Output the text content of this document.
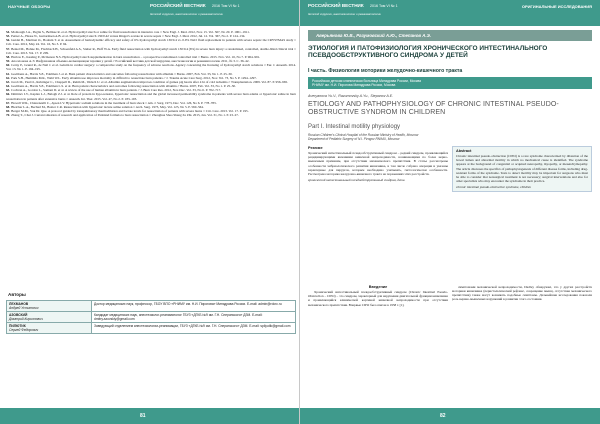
НАУЧНЫЕ ОБЗОРЫ	РОССИЙСКИЙ ВЕСТНИК 2016 Том VI № 1
детской хирургии, анестезиологии и реаниматологии
54.Molnough J.A., Puglia S., Bellisse R. et al. Hydroxyethyl starch or saline for fluid resuscitation in intensive care // New Engl. J. Med. 2012, Nov. 15. Vol. 367, No 20. P. 1901–1911.
55.Perner A., Haase N., Guttormsen A.B. et al. Hydroxyethyl starch 130/0.42 versus Ringer's acetate in severe sepsis // New Engl. J. Med. 2012, Jul. 12. Vol. 367, No 2. P. 124–134.
56.Guidet B., Martinet O., Boulain T. et al. Assessment of hemodynamic efficacy and safety of 6% hydroxyethyl starch 130/0.4 vs. 0.9% NaCl fluid replacement in patients with severe sepsis: the CRYSTMAS study // Crit. Care. 2012, May 24. Vol. 16, No 3. P. 94.
57.Bentel M., Hohne M., Fischbach H., Schoenfeld A.S., Stuber R., Hoff W.A. Early fluid resuscitation with hydroxyethyl starch 130/0.4 (6%) in severe burn injury: a randomized, controlled, double-blind clinical trial // Crit. Care. 2013. Vol. 17. P. 209.
58.Harlow E., Keating P., Mcmanon N.S. Hydroxyethyl starch supplementation in burn resuscitation – a prospective randomised controlled trial // Burns. 2015. Nov. Vol. 16, No 7. P. 964–991.
59.Аполлонова А.Э. Инфузионная объемно-возмещающая терапия у детей // Российский вестник детской хирургии, анестезиологии и реаниматологии. 2011, № 3. С. 36–42.
60.Cerny P., Grund R., de Nail J. et al. Gelatin in cardiac surgery: a comparative study on the frequency of adverse reactions. Agency concerning the licensing of hydroxyethyl starch solutions // Eur. J. Anaesth. 2014. Vol. 13. No 1. P. 194–195.
61.Goebbens A., Harris S.E., Edelman J. et al. Burn patient characteristics and outcomes following resuscitation with albumin // Burns. 2007, Feb. Vol. 33, No 1. P. 25–30.
62.Park S.H., Hemmila M.R., Wahl W.L. Early albumin use improves mortality in difficult to resuscitate burn patients // J. Trauma Acute Care Surg. 2012, Nov. Vol. 73, No 5. P. 1294–1297.
63.Jacob M., Paul O., Rehringer C., Chappell D., Rehm M., Welsch U. et al. Albumin augmentation improves condition of guinea pig hearts after 4 hr of cold ischemia // Transplantation. 2009. Vol. 87. P. 956–965.
64.Goebbens A., Harris S.E., Edelman L.S. et al. Burn patient characteristics and outcomes following resuscitation with albumin // Burns. 2007, Feb. Vol. 33, No 1. P. 25–30.
65.Cochran A., Gordon L., Samani D. et al. A review of the use of human albumin in burn patients // J. Burn Care Res. 2012, Nov-Dec. Vol. 33, No 6. P. 702–717.
66.Dmitriev I.V., Kaplan L.J., Balogh Z.J. et al. Role of protein in hypo-tension, hypertonic resuscitation and the global increased permeability syndrome in patients with severe burn edema or hypertonic saline in burn resuscitation in patients after extensive burns // Anaesth. Int. Ther. 2015. Vol. 47, No 2. P. 183–193.
67.Howell W.R., Chiarenzelli C., Aysen I.V. Hypertonic sodium solutions in the treatment of burn shock // Am. J. Surg. 1973, Dec. Vol. 126, No 6. P. 778–783.
68.Bleicher L.A., Bechtel M., Baxter C.R. Resuscitation with hypertonic lactate saline solution // Arch. Surg. 1973, May. Vol. 125, No 5. P. 560–564.
69.Berger M.M., Vok Dr. Que. A protocol guided by transpulmonary thermodilution and lactate levels for resuscitation of patients with severe burns // Crit. Care. 2013. Vol. 17. P. 195.
70.Zhang T., Chai J. Current situation of research and application of Parkland formula to burn resuscitation // Zhonghua Shao Shang Za Zhi. 2015, Jan. Vol. 31, No 1. P. 23–27.
Авторы
ЛЕХМАНОВ
Андрей Устинович	Доктор медицинских наук, профессор, ГБОУ ВПО «РНИМУ им. Н.И. Пирогова» Минздрава России. E-mail: admin@rdcrc.ru

АЗОВСКИЙ
Дмитрий Кириллович	Кандидат медицинских наук, анестезиолог-реаниматолог ГБУЗ «ДГКБ №9 им. Г.Н. Сперанского» ДЗМ. E-mail: dmitry.azovskiy@gmail.com

ПИЛЮТИК
Сергей Федорович	Заведующий отделением анестезиологии-реанимации, ГБУЗ «ДГКБ №9 им. Г.Н. Сперанского» ДЗМ. E-mail: spilyutik@gmail.com
81
РОССИЙСКИЙ ВЕСТНИК 2016 Том VI № 1
детской хирургии, анестезиологии и реаниматологии
ОРИГИНАЛЬНЫЕ ИССЛЕДОВАНИЯ
Аверьянова Ю.В., Разумовский А.Ю., Степанов А.Э.
ЭТИОЛОГИЯ И ПАТОФИЗИОЛОГИЯ ХРОНИЧЕСКОГО ИНТЕСТИНАЛЬНОГО ПСЕВДООБСТРУКТИВНОГО СИНДРОМА У ДЕТЕЙ
I часть. Физиология моторики желудочно-кишечного тракта
Российская детская клиническая больница Минздрава России, Москва
РНИМУ им. Н.И. Пирогова Минздрава России, Москва
Averyanova Yu.V., Razumovsky A.Yu., Stepanov A.E.
ETIOLOGY AND PATHOPHYSIOLOGY OF CHRONIC INTESTINAL PSEUDO-OBSTRUCTIVE SYNDROM IN CHILDREN
Part I. Intestinal motility physiology
Russian Children's Clinical Hospital of the Russian Ministry of Health, Moscow
Department of Pediatric Surgery of N.I. Pirogov RNIMU, Moscow
Резюме

Хронический интестинальный псевдообструктивный синдром – редкий синдром, проявляющийся рецидивирующими явлениями кишечной непроходимости, возникающими по более нерно-мышечным причинам, при отсутствии механического препятствия. В статье рассмотрены особенности эмбриологического развития кишечника, в том числе собрана операция и указаны характерные для хирургов, которым необходимо учитывать, гистологически особенности. Рассмотрена моторика желудочно-кишечного тракта на поражениях этих расстройств.

хронический интестинальный псевдообструктивный синдром, дети.

Abstract

Chronic intestinal pseudo-obstruction (CIPO) is a rare syndrome characterized by dilatation of the bowel lumen and abnormal motility in which no mechanical cause is identified. The syndrome appears at the background of congenital or acquired neuropathy, myopathy, or mesenchymopathy. The article discusses the specifics of pathophysiogenesis of different disease forms, including drug-resistant forms of the syndrome. Tests to detect motility may be important for surgeons who must be able to consider that nonsurgical treatment is not necessary; surgical interventions and also for other specialists who may encounter the syndrome in their practice.

chronic intestinal pseudo-obstructive syndrome, children

Введение

Хронический интестинальный псевдообструктивный синдром (Chronic Intestinal Pseudo-Obstruction – CIPO) – это синдром, характерный для нарушения двигательной функции кишечника и проявляющийся клинической картиной кишечной непроходимости при отсутствии механического препятствия. Впервые CIPO был описан в 1958 г. [1].

симптомами механической непроходимости, Dudley обнаружил, что у других расстройств моторики кишечника (перистальтический рефлекс, сокращение мышц, отсутствие механического препятствия) также могут возникать подобные симптомы. Дальнейшие исследования показали роль нервно-мышечных нарушений в развитии этого состояния.

82
